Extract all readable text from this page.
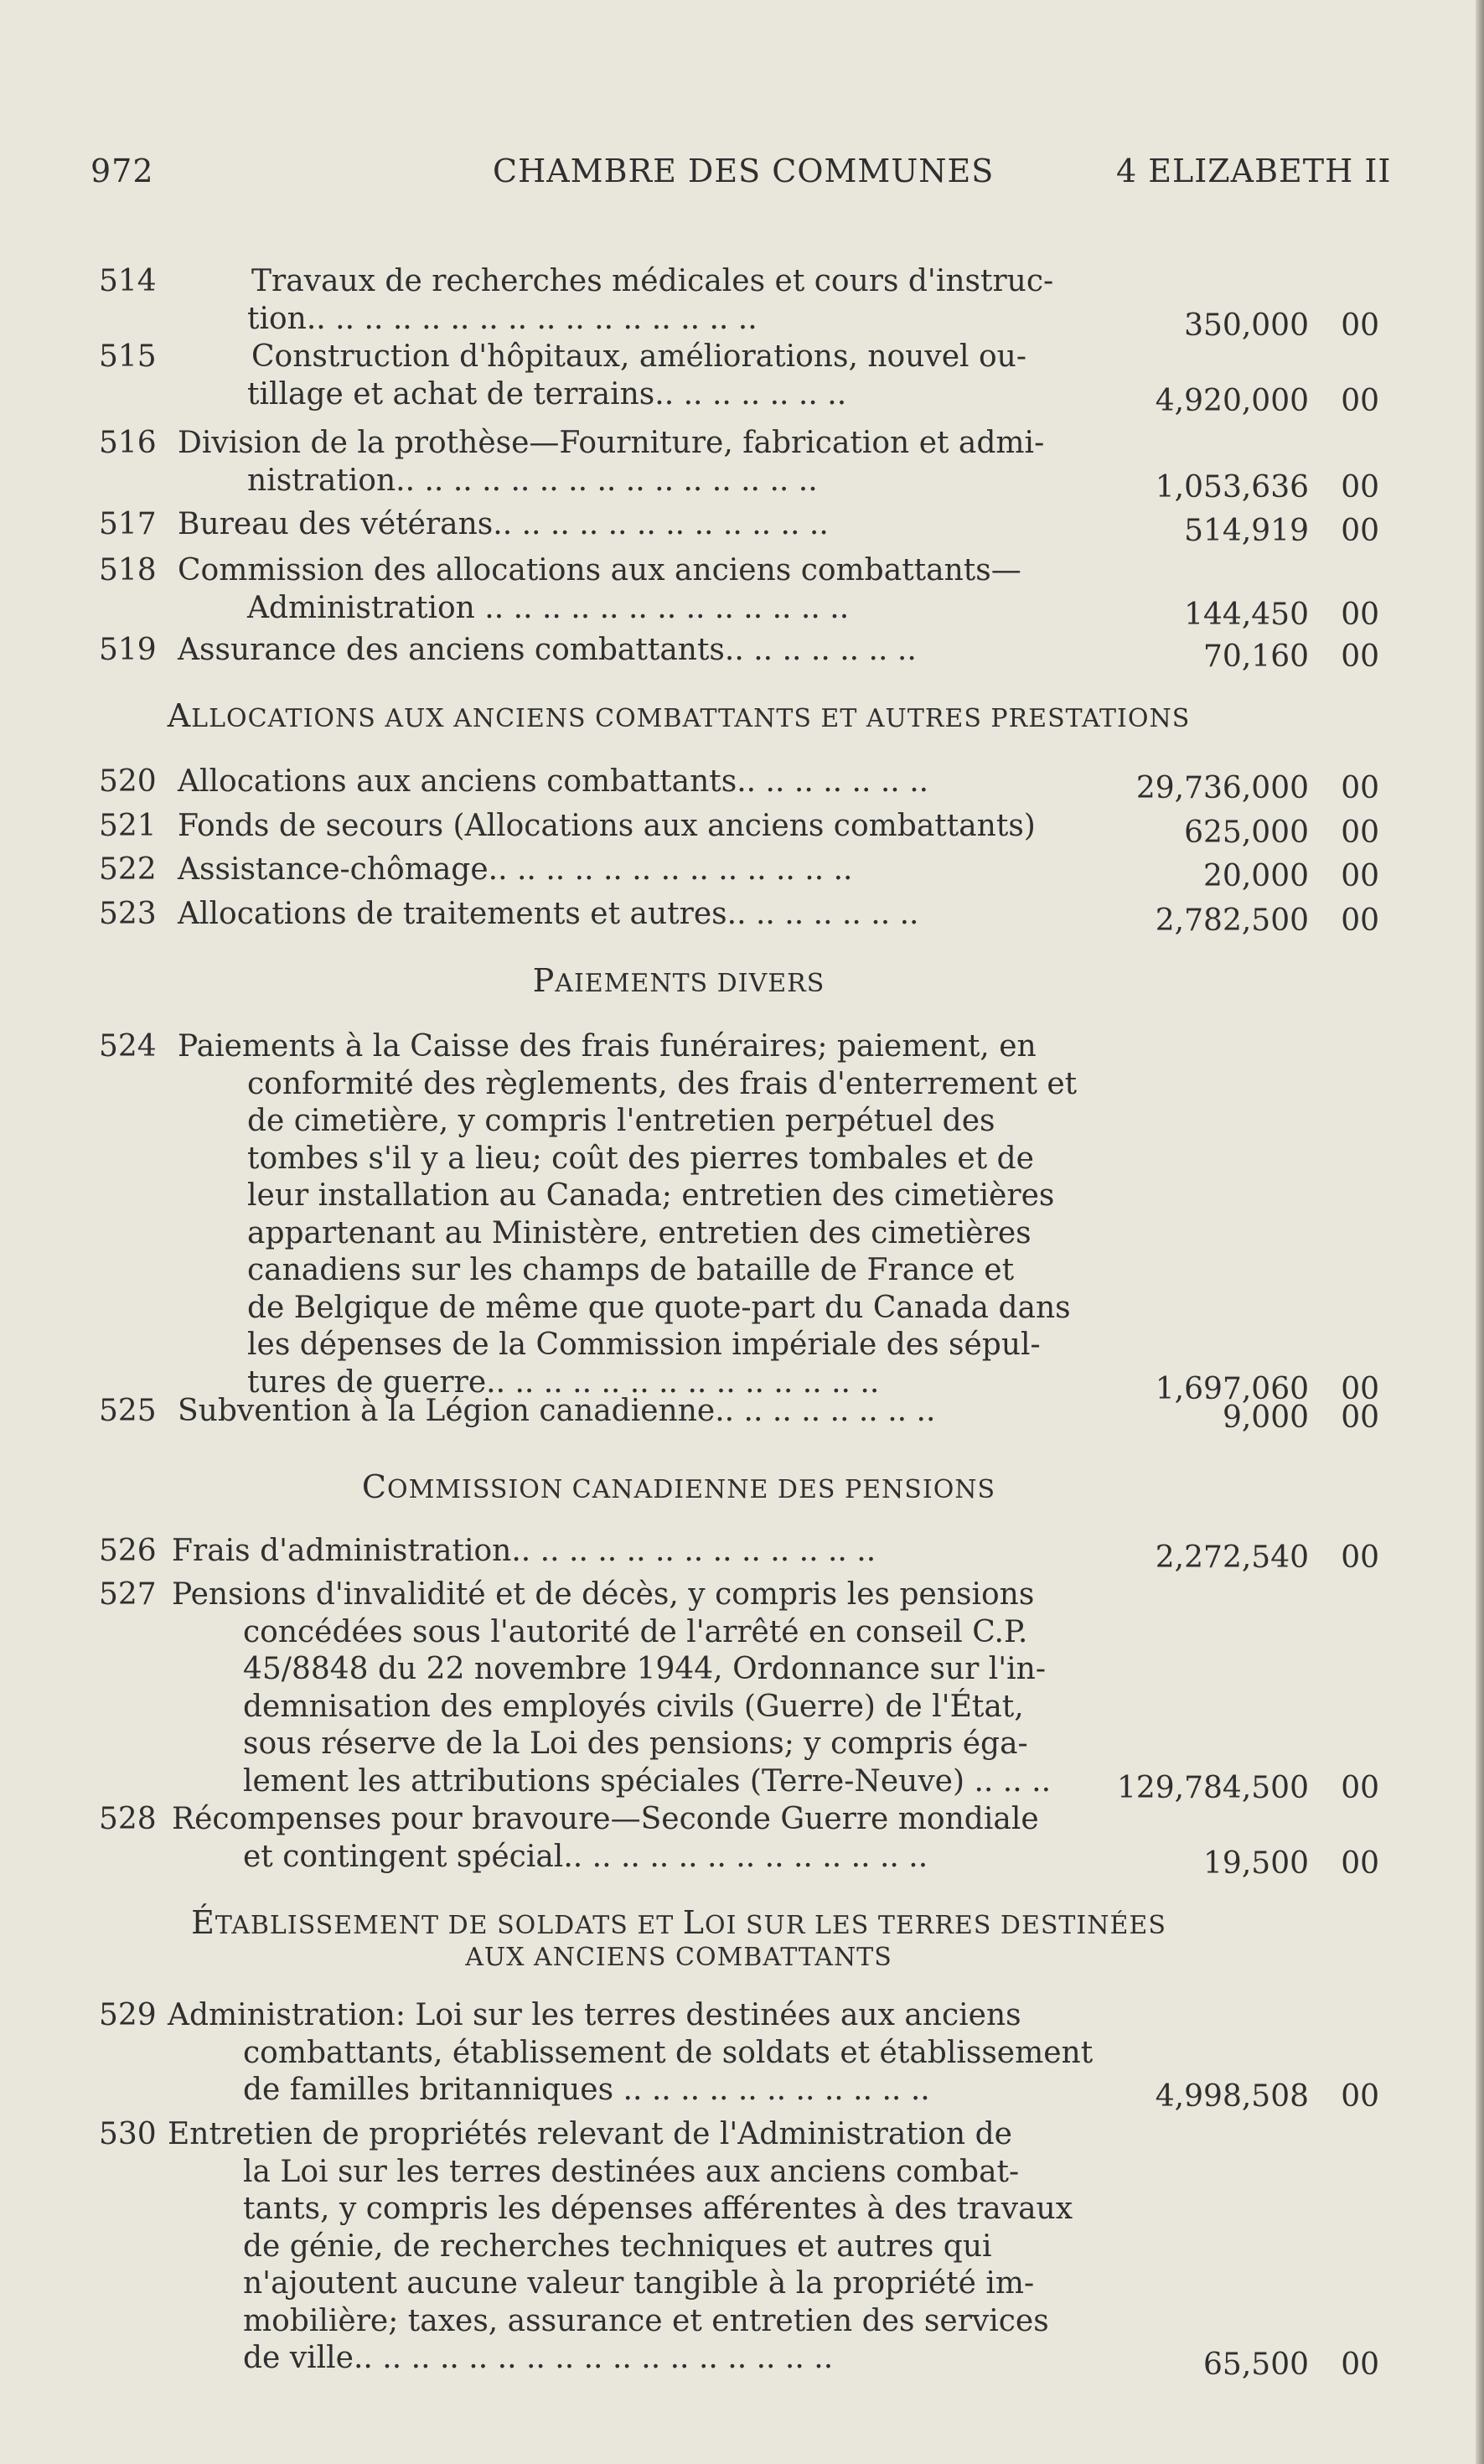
972	CHAMBRE DES COMMUNES	4 ELIZABETH II
514	Travaux de recherches médicales et cours d'instruc-
tion.. .. .. .. .. .. .. .. .. .. .. .. .. .. .. ..	350,000 00
515	Construction d'hôpitaux, améliorations, nouvel ou-
tillage et achat de terrains.. .. .. .. .. .. ..	4,920,000 00
516 Division de la prothèse—Fourniture, fabrication et admi-
nistration.. .. .. .. .. .. .. .. .. .. .. .. .. .. ..	1,053,636 00
517 Bureau des vétérans.. .. .. .. .. .. .. .. .. .. .. ..	514,919 00
518 Commission des allocations aux anciens combattants—
Administration .. .. .. .. .. .. .. .. .. .. .. .. ..	144,450 00
519 Assurance des anciens combattants.. .. .. .. .. .. ..	70,160 00
ALLOCATIONS AUX ANCIENS COMBATTANTS ET AUTRES PRESTATIONS
520 Allocations aux anciens combattants.. .. .. .. .. .. ..	29,736,000 00
521 Fonds de secours (Allocations aux anciens combattants)	625,000 00
522 Assistance-chômage.. .. .. .. .. .. .. .. .. .. .. .. ..	20,000 00
523 Allocations de traitements et autres.. .. .. .. .. .. ..	2,782,500 00
PAIEMENTS DIVERS
524 Paiements à la Caisse des frais funéraires; paiement, en
conformité des règlements, des frais d'enterrement et
de cimetière, y compris l'entretien perpétuel des
tombes s'il y a lieu; coût des pierres tombales et de
leur installation au Canada; entretien des cimetières
appartenant au Ministère, entretien des cimetières
canadiens sur les champs de bataille de France et
de Belgique de même que quote-part du Canada dans
les dépenses de la Commission impériale des sépul-
tures de guerre.. .. .. .. .. .. .. .. .. .. .. .. .. ..	1,697,060 00
525 Subvention à la Légion canadienne.. .. .. .. .. .. .. ..	9,000 00
COMMISSION CANADIENNE DES PENSIONS
526 Frais d'administration.. .. .. .. .. .. .. .. .. .. .. .. ..	2,272,540 00
527 Pensions d'invalidité et de décès, y compris les pensions
concédées sous l'autorité de l'arrêté en conseil C.P.
45/8848 du 22 novembre 1944, Ordonnance sur l'in-
demnisation des employés civils (Guerre) de l'État,
sous réserve de la Loi des pensions; y compris éga-
lement les attributions spéciales (Terre-Neuve) .. .. .. 129,784,500 00
528 Récompenses pour bravoure—Seconde Guerre mondiale
et contingent spécial.. .. .. .. .. .. .. .. .. .. .. .. ..	19,500 00
ÉTABLISSEMENT DE SOLDATS ET LOI SUR LES TERRES DESTINÉES
AUX ANCIENS COMBATTANTS
529 Administration: Loi sur les terres destinées aux anciens
combattants, établissement de soldats et établissement
de familles britanniques .. .. .. .. .. .. .. .. .. .. ..	4,998,508 00
530 Entretien de propriétés relevant de l'Administration de
la Loi sur les terres destinées aux anciens combat-
tants, y compris les dépenses afférentes à des travaux
de génie, de recherches techniques et autres qui
n'ajoutent aucune valeur tangible à la propriété im-
mobilière; taxes, assurance et entretien des services
de ville.. .. .. .. .. .. .. .. .. .. .. .. .. .. .. .. ..	65,500 00
